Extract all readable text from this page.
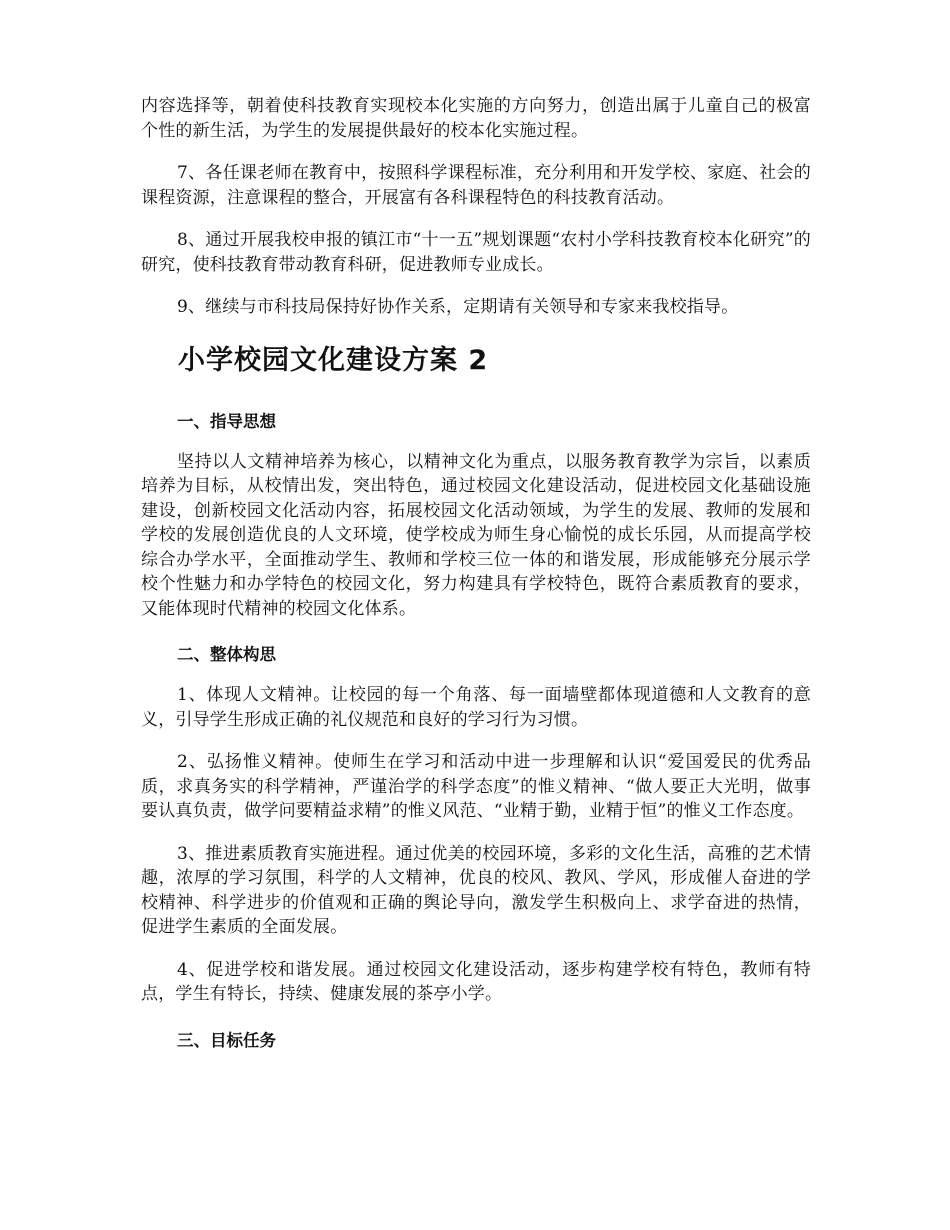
内容选择等，朝着使科技教育实现校本化实施的方向努力，创造出属于儿童自己的极富个性的新生活，为学生的发展提供最好的校本化实施过程。

7、各任课老师在教育中，按照科学课程标准，充分利用和开发学校、家庭、社会的课程资源，注意课程的整合，开展富有各科课程特色的科技教育活动。

8、通过开展我校申报的镇江市“十一五”规划课题“农村小学科技教育校本化研究”的研究，使科技教育带动教育科研，促进教师专业成长。

9、继续与市科技局保持好协作关系，定期请有关领导和专家来我校指导。

小学校园文化建设方案 2
一、指导思想

坚持以人文精神培养为核心，以精神文化为重点，以服务教育教学为宗旨，以素质培养为目标，从校情出发，突出特色，通过校园文化建设活动，促进校园文化基础设施建设，创新校园文化活动内容，拓展校园文化活动领域，为学生的发展、教师的发展和学校的发展创造优良的人文环境，使学校成为师生身心愉悦的成长乐园，从而提高学校综合办学水平，全面推动学生、教师和学校三位一体的和谐发展，形成能够充分展示学校个性魅力和办学特色的校园文化，努力构建具有学校特色，既符合素质教育的要求，又能体现时代精神的校园文化体系。

二、整体构思

1、体现人文精神。让校园的每一个角落、每一面墙壁都体现道德和人文教育的意义，引导学生形成正确的礼仪规范和良好的学习行为习惯。

2、弘扬惟义精神。使师生在学习和活动中进一步理解和认识“爱国爱民的优秀品质，求真务实的科学精神，严谨治学的科学态度”的惟义精神、“做人要正大光明，做事要认真负责，做学问要精益求精”的惟义风范、“业精于勤，业精于恒”的惟义工作态度。

3、推进素质教育实施进程。通过优美的校园环境，多彩的文化生活，高雅的艺术情趣，浓厚的学习氛围，科学的人文精神，优良的校风、教风、学风，形成催人奋进的学校精神、科学进步的价值观和正确的舆论导向，激发学生积极向上、求学奋进的热情，促进学生素质的全面发展。

4、促进学校和谐发展。通过校园文化建设活动，逐步构建学校有特色，教师有特点，学生有特长，持续、健康发展的茶亭小学。

三、目标任务
